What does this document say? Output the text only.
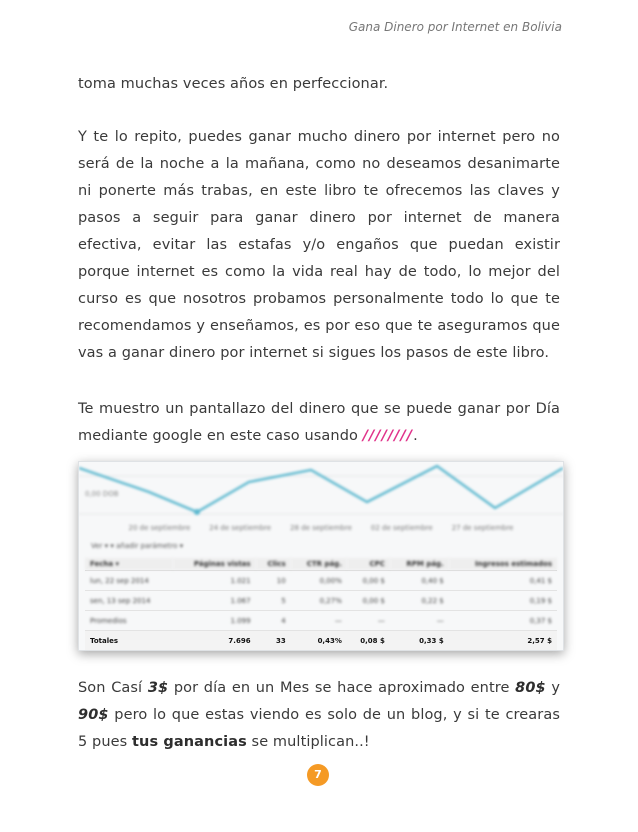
Gana Dinero por Internet en Bolivia

toma muchas veces años en perfeccionar.

Y te lo repito, puedes ganar mucho dinero por internet pero no será de la noche a la mañana, como no deseamos desanimarte ni ponerte más trabas, en este libro te ofrecemos las claves y pasos a seguir para ganar dinero por internet de manera efectiva, evitar las estafas y/o engaños que puedan existir porque internet es como la vida real hay de todo, lo mejor del curso es que nosotros probamos personalmente todo lo que te recomendamos y enseñamos, es por eso que te aseguramos que vas a ganar dinero por internet si sigues los pasos de este libro.

Te muestro un pantallazo del dinero que se puede ganar por Día mediante google en este caso usando ////////.

0,00 DOB
20 de septiembre	24 de septiembre	28 de septiembre	02 de septiembre	27 de septiembre
Ver ▾ ▾ añadir parámetro ▾
Fecha ▾	Páginas vistas	Clics	CTR pág.	CPC	RPM pág.	Ingresos estimados
lun, 22 sep 2014	1.021	10	0,00%	0,00 $	0,40 $	0,41 $
sen, 13 sep 2014	1.067	5	0,27%	0,00 $	0,22 $	0,19 $
Promedios	1.099	4	—	—	—	0,37 $
Totales	7.696	33	0,43%	0,08 $	0,33 $	2,57 $

Son Casí 3$ por día en un Mes se hace aproximado entre 80$ y 90$ pero lo que estas viendo es solo de un blog, y si te crearas 5 pues tus ganancias se multiplican..!

7
